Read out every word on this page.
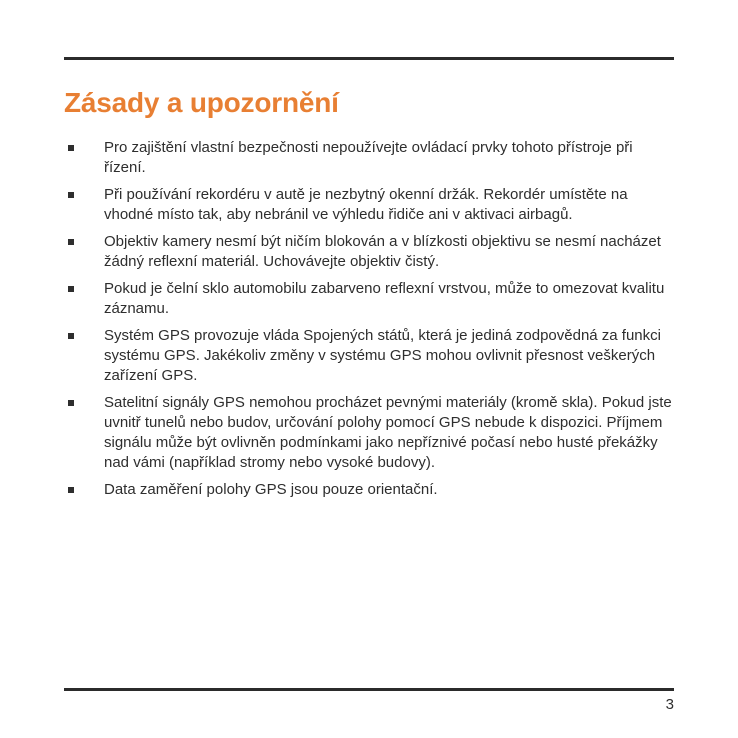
Zásady a upozornění
Pro zajištění vlastní bezpečnosti nepoužívejte ovládací prvky tohoto přístroje při řízení.
Při používání rekordéru v autě je nezbytný okenní držák. Rekordér umístěte na vhodné místo tak, aby nebránil ve výhledu řidiče ani v aktivaci airbagů.
Objektiv kamery nesmí být ničím blokován a v blízkosti objektivu se nesmí nacházet žádný reflexní materiál. Uchovávejte objektiv čistý.
Pokud je čelní sklo automobilu zabarveno reflexní vrstvou, může to omezovat kvalitu záznamu.
Systém GPS provozuje vláda Spojených států, která je jediná zodpovědná za funkci systému GPS. Jakékoliv změny v systému GPS mohou ovlivnit přesnost veškerých zařízení GPS.
Satelitní signály GPS nemohou procházet pevnými materiály (kromě skla). Pokud jste uvnitř tunelů nebo budov, určování polohy pomocí GPS nebude k dispozici. Příjmem signálu může být ovlivněn podmínkami jako nepříznivé počasí nebo husté překážky nad vámi (například stromy nebo vysoké budovy).
Data zaměření polohy GPS jsou pouze orientační.
3
